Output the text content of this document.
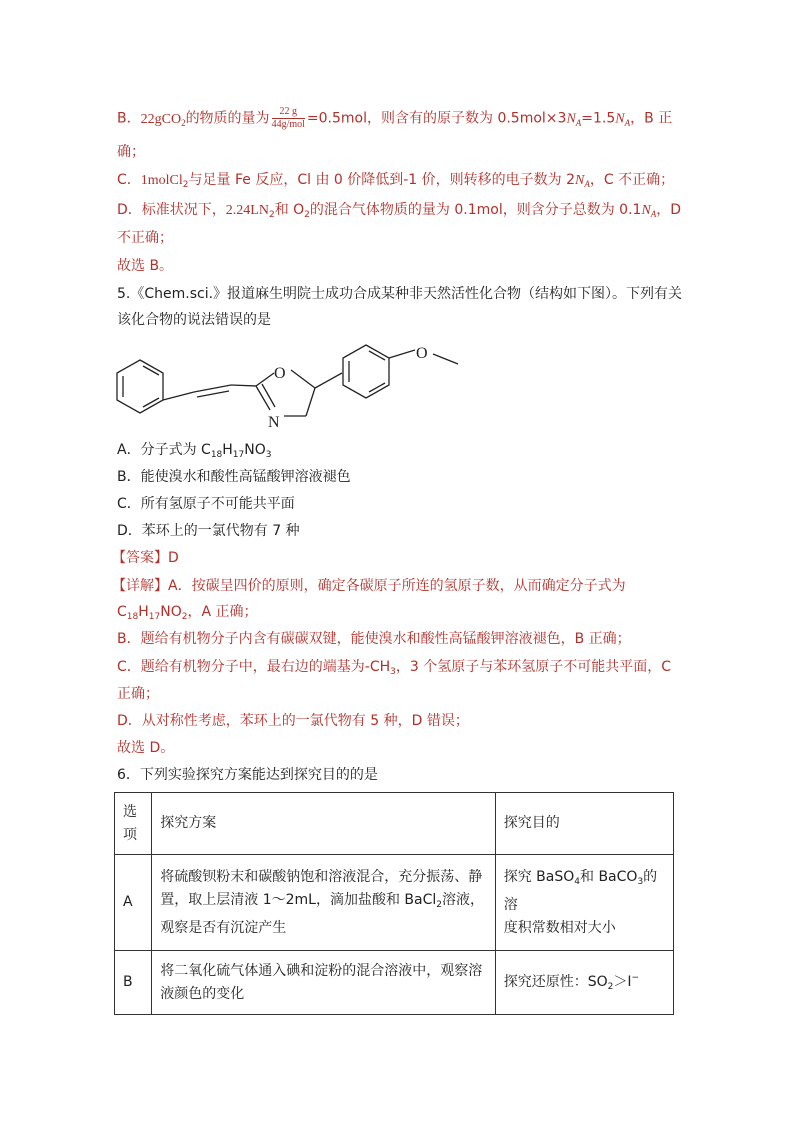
B．22gCO$_2$的物质的量为 $\frac{22 g}{\text{44g/mol}} =0.5mol$，则含有的原子数为 $0.5mol\times 3N_A=1.5N_A$，B 正
确；
C．1molCl$_2$与足量 Fe 反应，Cl 由 0 价降低到-1 价，则转移的电子数为 $2N_A$，C 不正确；
D．标准状况下，$2.24LN_2$和 $O_2$的混合气体物质的量为 0.1mol，则含分子总数为 $0.1N_A$，D
不正确；
故选 B。
5.《Chem.sci.》报道麻生明院士成功合成某种非天然活性化合物（结构如下图）。下列有关
该化合物的说法错误的是
O
N
O
A．分子式为 $C_{18}H_{17}NO_3$
B．能使溴水和酸性高锰酸钾溶液褪色
C．所有氢原子不可能共平面
D．苯环上的一氯代物有 7 种
【答案】D
【详解】A．按碳呈四价的原则，确定各碳原子所连的氢原子数，从而确定分子式为
$C_{18}H_{17}NO_2$，A 正确；
B．题给有机物分子内含有碳碳双键，能使溴水和酸性高锰酸钾溶液褪色，B 正确；
C．题给有机物分子中，最右边的端基为$-CH_3$，3 个氢原子与苯环氢原子不可能共平面，C
正确；
D．从对称性考虑，苯环上的一氯代物有 5 种，D 错误；
故选 D。
6．下列实验探究方案能达到探究目的的是
选
项	探究方案	探究目的
A	将硫酸钡粉末和碳酸钠饱和溶液混合，充分振荡、静
置，取上层清液 1～2mL，滴加盐酸和 BaCl$_2$溶液，
观察是否有沉淀产生	探究 BaSO$_4$和 BaCO$_3$的溶
度积常数相对大小
B	将二氧化硫气体通入碘和淀粉的混合溶液中，观察溶
液颜色的变化	探究还原性：$SO_2>I^-$
